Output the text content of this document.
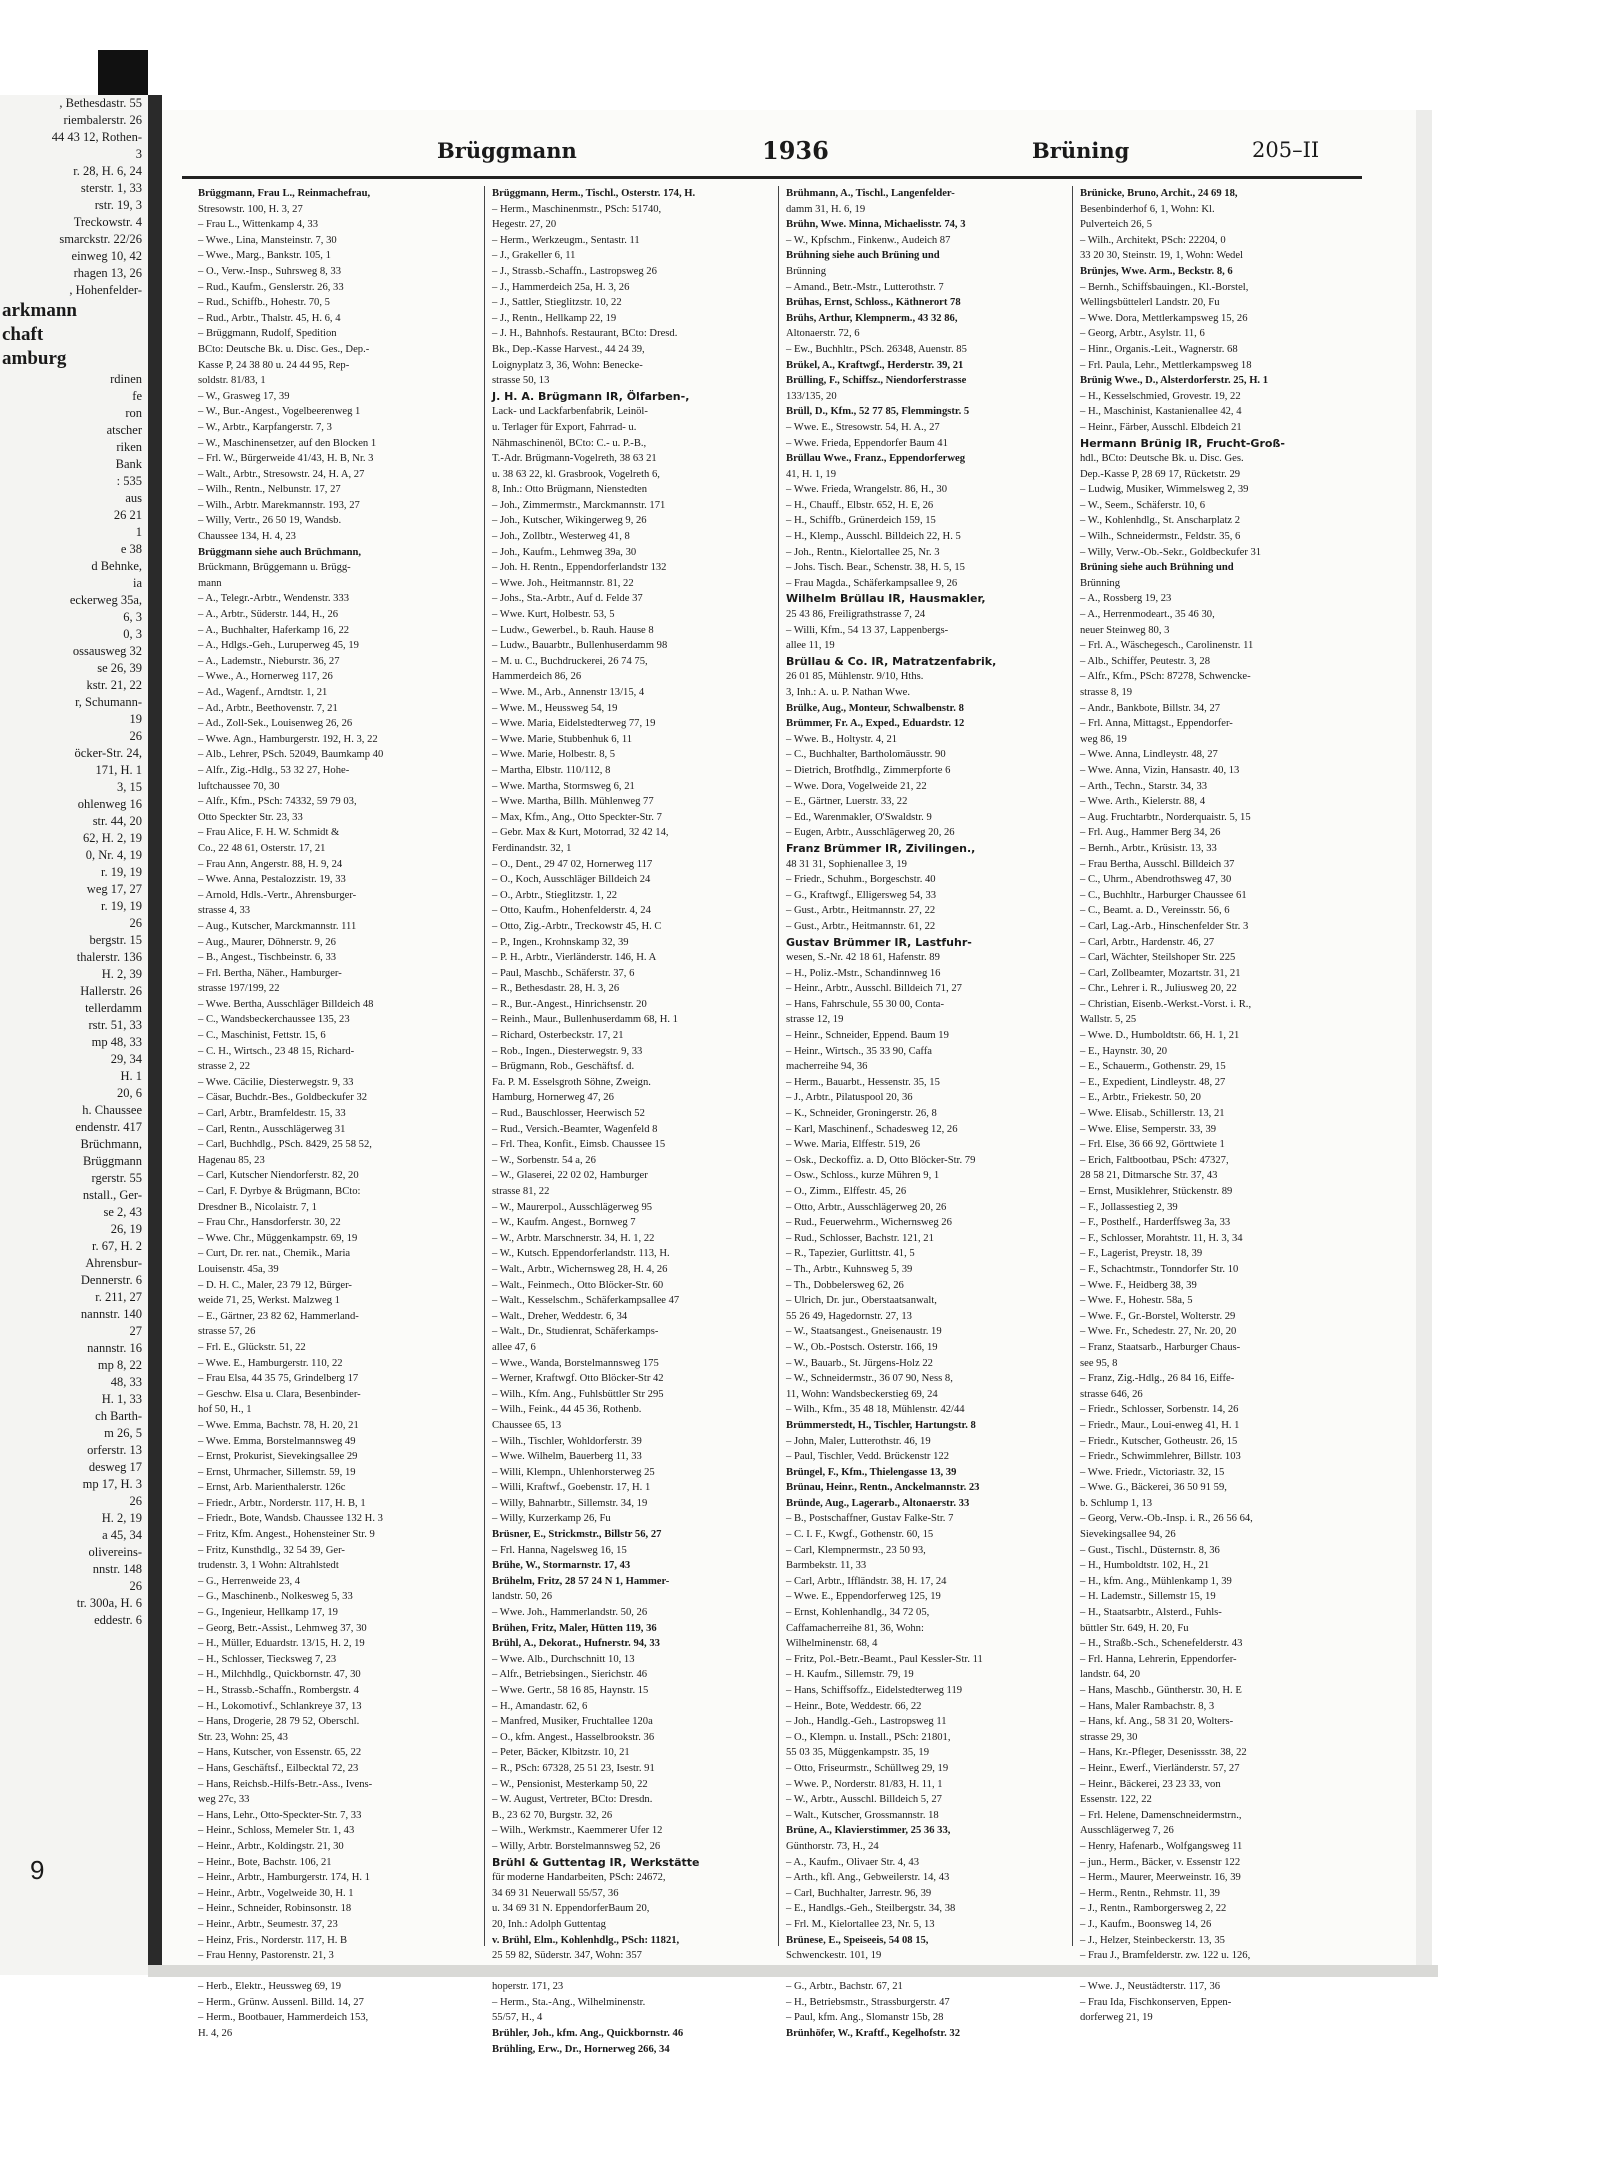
, Bethesdastr. 55
riembalerstr. 26
44 43 12, Rothen-
3
r. 28, H. 6, 24
sterstr. 1, 33
rstr. 19, 3
Treckowstr. 4
smarckstr. 22/26
einweg 10, 42
rhagen 13, 26
, Hohenfelder-
arkmann
chaft
amburg
rdinen
fe
ron
atscher
riken
Bank
: 535
aus
26 21
1
e 38
d Behnke,
ia
eckerweg 35a,
6, 3
0, 3
ossausweg 32
se 26, 39
kstr. 21, 22
r, Schumann-
19
26
öcker-Str. 24,
171, H. 1
3, 15
ohlenweg 16
str. 44, 20
62, H. 2, 19
0, Nr. 4, 19
r. 19, 19
weg 17, 27
r. 19, 19
26
bergstr. 15
thalerstr. 136
H. 2, 39
Hallerstr. 26
tellerdamm
rstr. 51, 33
mp 48, 33
29, 34
H. 1
20, 6
h. Chaussee
endenstr. 417
Brüchmann,
Brüggmann
rgerstr. 55
nstall., Ger-
se 2, 43
26, 19
r. 67, H. 2
Ahrensbur-
Dennerstr. 6
r. 211, 27
nannstr. 140
27
nannstr. 16
mp 8, 22
48, 33
H. 1, 33
ch Barth-
m 26, 5
orferstr. 13
desweg 17
mp 17, H. 3
26
H. 2, 19
a 45, 34
olivereins-
nnstr. 148
26
tr. 300a, H. 6
eddestr. 6
Brüggmann	1936	Brüning	205–II
Brüggmann, Frau L., Reinmachefrau,
Stresowstr. 100, H. 3, 27
– Frau L., Wittenkamp 4, 33
– Wwe., Lina, Mansteinstr. 7, 30
– Wwe., Marg., Bankstr. 105, 1
– O., Verw.-Insp., Suhrsweg 8, 33
– Rud., Kaufm., Genslerstr. 26, 33
– Rud., Schiffb., Hohestr. 70, 5
– Rud., Arbtr., Thalstr. 45, H. 6, 4
– Brüggmann, Rudolf, Spedition
BCto: Deutsche Bk. u. Disc. Ges., Dep.-
Kasse P, 24 38 80 u. 24 44 95, Rep-
soldstr. 81/83, 1
– W., Grasweg 17, 39
– W., Bur.-Angest., Vogelbeerenweg 1
– W., Arbtr., Karpfangerstr. 7, 3
– W., Maschinensetzer, auf den Blocken 1
– Frl. W., Bürgerweide 41/43, H. B, Nr. 3
– Walt., Arbtr., Stresowstr. 24, H. A, 27
– Wilh., Rentn., Nelbunstr. 17, 27
– Wilh., Arbtr. Marekmannstr. 193, 27
– Willy, Vertr., 26 50 19, Wandsb.
Chaussee 134, H. 4, 23
Brüggmann siehe auch Brüchmann,
Brückmann, Brüggemann u. Brügg-
mann
– A., Telegr.-Arbtr., Wendenstr. 333
– A., Arbtr., Süderstr. 144, H., 26
– A., Buchhalter, Haferkamp 16, 22
– A., Hdlgs.-Geh., Luruperweg 45, 19
– A., Lademstr., Nieburstr. 36, 27
– Wwe., A., Hornerweg 117, 26
– Ad., Wagenf., Arndtstr. 1, 21
– Ad., Arbtr., Beethovenstr. 7, 21
– Ad., Zoll-Sek., Louisenweg 26, 26
– Wwe. Agn., Hamburgerstr. 192, H. 3, 22
– Alb., Lehrer, PSch. 52049, Baumkamp 40
– Alfr., Zig.-Hdlg., 53 32 27, Hohe-
luftchaussee 70, 30
– Alfr., Kfm., PSch: 74332, 59 79 03,
Otto Speckter Str. 23, 33
– Frau Alice, F. H. W. Schmidt &
Co., 22 48 61, Osterstr. 17, 21
– Frau Ann, Angerstr. 88, H. 9, 24
– Wwe. Anna, Pestalozzistr. 19, 33
– Arnold, Hdls.-Vertr., Ahrensburger-
strasse 4, 33
– Aug., Kutscher, Marckmannstr. 111
– Aug., Maurer, Döhnerstr. 9, 26
– B., Angest., Tischbeinstr. 6, 33
– Frl. Bertha, Näher., Hamburger-
strasse 197/199, 22
– Wwe. Bertha, Ausschläger Billdeich 48
– C., Wandsbeckerchaussee 135, 23
– C., Maschinist, Fettstr. 15, 6
– C. H., Wirtsch., 23 48 15, Richard-
strasse 2, 22
– Wwe. Cäcilie, Diesterwegstr. 9, 33
– Cäsar, Buchdr.-Bes., Goldbeckufer 32
– Carl, Arbtr., Bramfeldestr. 15, 33
– Carl, Rentn., Ausschlägerweg 31
– Carl, Buchhdlg., PSch. 8429, 25 58 52,
Hagenau 85, 23
– Carl, Kutscher Niendorferstr. 82, 20
– Carl, F. Dyrbye & Brügmann, BCto:
Dresdner B., Nicolaistr. 7, 1
– Frau Chr., Hansdorferstr. 30, 22
– Wwe. Chr., Müggenkampstr. 69, 19
– Curt, Dr. rer. nat., Chemik., Maria
Louisenstr. 45a, 39
– D. H. C., Maler, 23 79 12, Bürger-
weide 71, 25, Werkst. Malzweg 1
– E., Gärtner, 23 82 62, Hammerland-
strasse 57, 26
– Frl. E., Glückstr. 51, 22
– Wwe. E., Hamburgerstr. 110, 22
– Frau Elsa, 44 35 75, Grindelberg 17
– Geschw. Elsa u. Clara, Besenbinder-
hof 50, H., 1
– Wwe. Emma, Bachstr. 78, H. 20, 21
– Wwe. Emma, Borstelmannsweg 49
– Ernst, Prokurist, Sievekingsallee 29
– Ernst, Uhrmacher, Sillemstr. 59, 19
– Ernst, Arb. Marienthalerstr. 126c
– Friedr., Arbtr., Norderstr. 117, H. B, 1
– Friedr., Bote, Wandsb. Chaussee 132 H. 3
– Fritz, Kfm. Angest., Hohensteiner Str. 9
– Fritz, Kunsthdlg., 32 54 39, Ger-
trudenstr. 3, 1 Wohn: Altrahlstedt
– G., Herrenweide 23, 4
– G., Maschinenb., Nolkesweg 5, 33
– G., Ingenieur, Hellkamp 17, 19
– Georg, Betr.-Assist., Lehmweg 37, 30
– H., Müller, Eduardstr. 13/15, H. 2, 19
– H., Schlosser, Tiecksweg 7, 23
– H., Milchhdlg., Quickbornstr. 47, 30
– H., Strassb.-Schaffn., Rombergstr. 4
– H., Lokomotivf., Schlankreye 37, 13
– Hans, Drogerie, 28 79 52, Oberschl.
Str. 23, Wohn: 25, 43
– Hans, Kutscher, von Essenstr. 65, 22
– Hans, Geschäftsf., Eilbecktal 72, 23
– Hans, Reichsb.-Hilfs-Betr.-Ass., Ivens-
weg 27c, 33
– Hans, Lehr., Otto-Speckter-Str. 7, 33
– Heinr., Schloss, Memeler Str. 1, 43
– Heinr., Arbtr., Koldingstr. 21, 30
– Heinr., Bote, Bachstr. 106, 21
– Heinr., Arbtr., Hamburgerstr. 174, H. 1
– Heinr., Arbtr., Vogelweide 30, H. 1
– Heinr., Schneider, Robinsonstr. 18
– Heinr., Arbtr., Seumestr. 37, 23
– Heinz, Fris., Norderstr. 117, H. B
– Frau Henny, Pastorenstr. 21, 3
– Herb., Elektr., Heussweg 69, 19
– Herm., Grünw. Aussenl. Billd. 14, 27
– Herm., Bootbauer, Hammerdeich 153,
H. 4, 26
Brüggmann, Herm., Tischl., Osterstr. 174, H.
– Herm., Maschinenmstr., PSch: 51740,
Hegestr. 27, 20
– Herm., Werkzeugm., Sentastr. 11
– J., Grakeller 6, 11
– J., Strassb.-Schaffn., Lastropsweg 26
– J., Hammerdeich 25a, H. 3, 26
– J., Sattler, Stieglitzstr. 10, 22
– J., Rentn., Hellkamp 22, 19
– J. H., Bahnhofs. Restaurant, BCto: Dresd.
Bk., Dep.-Kasse Harvest., 44 24 39,
Loignyplatz 3, 36, Wohn: Benecke-
strasse 50, 13
J. H. A. Brügmann IR, Ölfarben-,
Lack- und Lackfarbenfabrik, Leinöl-
u. Terlager für Export, Fahrrad- u.
Nähmaschinenöl, BCto: C.- u. P.-B.,
T.-Adr. Brügmann-Vogelreth, 38 63 21
u. 38 63 22, kl. Grasbrook, Vogelreth 6,
8, Inh.: Otto Brügmann, Nienstedten
– Joh., Zimmermstr., Marckmannstr. 171
– Joh., Kutscher, Wikingerweg 9, 26
– Joh., Zollbtr., Westerweg 41, 8
– Joh., Kaufm., Lehmweg 39a, 30
– Joh. H. Rentn., Eppendorferlandstr 132
– Wwe. Joh., Heitmannstr. 81, 22
– Johs., Sta.-Arbtr., Auf d. Felde 37
– Wwe. Kurt, Holbestr. 53, 5
– Ludw., Gewerbel., b. Rauh. Hause 8
– Ludw., Bauarbtr., Bullenhuserdamm 98
– M. u. C., Buchdruckerei, 26 74 75,
Hammerdeich 86, 26
– Wwe. M., Arb., Annenstr 13/15, 4
– Wwe. M., Heussweg 54, 19
– Wwe. Maria, Eidelstedterweg 77, 19
– Wwe. Marie, Stubbenhuk 6, 11
– Wwe. Marie, Holbestr. 8, 5
– Martha, Elbstr. 110/112, 8
– Wwe. Martha, Stormsweg 6, 21
– Wwe. Martha, Billh. Mühlenweg 77
– Max, Kfm., Ang., Otto Speckter-Str. 7
– Gebr. Max & Kurt, Motorrad, 32 42 14,
Ferdinandstr. 32, 1
– O., Dent., 29 47 02, Hornerweg 117
– O., Koch, Ausschläger Billdeich 24
– O., Arbtr., Stieglitzstr. 1, 22
– Otto, Kaufm., Hohenfelderstr. 4, 24
– Otto, Zig.-Arbtr., Treckowstr 45, H. C
– P., Ingen., Krohnskamp 32, 39
– P. H., Arbtr., Vierländerstr. 146, H. A
– Paul, Maschb., Schäferstr. 37, 6
– R., Bethesdastr. 28, H. 3, 26
– R., Bur.-Angest., Hinrichsenstr. 20
– Reinh., Maur., Bullenhuserdamm 68, H. 1
– Richard, Osterbeckstr. 17, 21
– Rob., Ingen., Diesterwegstr. 9, 33
– Brügmann, Rob., Geschäftsf. d.
Fa. P. M. Esselsgroth Söhne, Zweign.
Hamburg, Hornerweg 47, 26
– Rud., Bauschlosser, Heerwisch 52
– Rud., Versich.-Beamter, Wagenfeld 8
– Frl. Thea, Konfit., Eimsb. Chaussee 15
– W., Sorbenstr. 54 a, 26
– W., Glaserei, 22 02 02, Hamburger
strasse 81, 22
– W., Maurerpol., Ausschlägerweg 95
– W., Kaufm. Angest., Bornweg 7
– W., Arbtr. Marschnerstr. 34, H. 1, 22
– W., Kutsch. Eppendorferlandstr. 113, H.
– Walt., Arbtr., Wichernsweg 28, H. 4, 26
– Walt., Feinmech., Otto Blöcker-Str. 60
– Walt., Kesselschm., Schäferkampsallee 47
– Walt., Dreher, Weddestr. 6, 34
– Walt., Dr., Studienrat, Schäferkamps-
allee 47, 6
– Wwe., Wanda, Borstelmannsweg 175
– Werner, Kraftwgf. Otto Blöcker-Str 42
– Wilh., Kfm. Ang., Fuhlsbüttler Str 295
– Wilh., Feink., 44 45 36, Rothenb.
Chaussee 65, 13
– Wilh., Tischler, Wohldorferstr. 39
– Wwe. Wilhelm, Bauerberg 11, 33
– Willi, Klempn., Uhlenhorsterweg 25
– Willi, Kraftwf., Goebenstr. 17, H. 1
– Willy, Bahnarbtr., Sillemstr. 34, 19
– Willy, Kurzerkamp 26, Fu
Brüsner, E., Strickmstr., Billstr 56, 27
– Frl. Hanna, Nagelsweg 16, 15
Brühe, W., Stormarnstr. 17, 43
Brühelm, Fritz, 28 57 24 N 1, Hammer-
landstr. 50, 26
– Wwe. Joh., Hammerlandstr. 50, 26
Brühen, Fritz, Maler, Hütten 119, 36
Brühl, A., Dekorat., Hufnerstr. 94, 33
– Wwe. Alb., Durchschnitt 10, 13
– Alfr., Betriebsingen., Sierichstr. 46
– Wwe. Gertr., 58 16 85, Haynstr. 15
– H., Amandastr. 62, 6
– Manfred, Musiker, Fruchtallee 120a
– O., kfm. Angest., Hasselbrookstr. 36
– Peter, Bäcker, Klbitzstr. 10, 21
– R., PSch: 67328, 25 51 23, Isestr. 91
– W., Pensionist, Mesterkamp 50, 22
– W. August, Vertreter, BCto: Dresdn.
B., 23 62 70, Burgstr. 32, 26
– Wilh., Werkmstr., Kaemmerer Ufer 12
– Willy, Arbtr. Borstelmannsweg 52, 26
Brühl & Guttentag IR, Werkstätte
für moderne Handarbeiten, PSch: 24672,
34 69 31 Neuerwall 55/57, 36
u. 34 69 31 N. EppendorferBaum 20,
20, Inh.: Adolph Guttentag
v. Brühl, Elm., Kohlenhdlg., PSch: 11821,
25 59 82, Süderstr. 347, Wohn: 357
hoperstr. 171, 23
– Herm., Sta.-Ang., Wilhelminenstr.
55/57, H., 4
Brühler, Joh., kfm. Ang., Quickbornstr. 46
Brühling, Erw., Dr., Hornerweg 266, 34
Brühmann, A., Tischl., Langenfelder-
damm 31, H. 6, 19
Brühn, Wwe. Minna, Michaelisstr. 74, 3
– W., Kpfschm., Finkenw., Audeich 87
Brühning siehe auch Brüning und
Brünning
– Amand., Betr.-Mstr., Lutterothstr. 7
Brühas, Ernst, Schloss., Käthnerort 78
Brühs, Arthur, Klempnerm., 43 32 86,
Altonaerstr. 72, 6
– Ew., Buchhltr., PSch. 26348, Auenstr. 85
Brükel, A., Kraftwgf., Herderstr. 39, 21
Brülling, F., Schiffsz., Niendorferstrasse
133/135, 20
Brüll, D., Kfm., 52 77 85, Flemmingstr. 5
– Wwe. E., Stresowstr. 54, H. A., 27
– Wwe. Frieda, Eppendorfer Baum 41
Brüllau Wwe., Franz., Eppendorferweg
41, H. 1, 19
– Wwe. Frieda, Wrangelstr. 86, H., 30
– H., Chauff., Elbstr. 652, H. E, 26
– H., Schiffb., Grünerdeich 159, 15
– H., Klemp., Ausschl. Billdeich 22, H. 5
– Joh., Rentn., Kielortallee 25, Nr. 3
– Johs. Tisch. Bear., Schenstr. 38, H. 5, 15
– Frau Magda., Schäferkampsallee 9, 26
Wilhelm Brüllau IR, Hausmakler,
25 43 86, Freiligrathstrasse 7, 24
– Willi, Kfm., 54 13 37, Lappenbergs-
allee 11, 19
Brüllau & Co. IR, Matratzenfabrik,
26 01 85, Mühlenstr. 9/10, Hths.
3, Inh.: A. u. P. Nathan Wwe.
Brülke, Aug., Monteur, Schwalbenstr. 8
Brümmer, Fr. A., Exped., Eduardstr. 12
– Wwe. B., Holtystr. 4, 21
– C., Buchhalter, Bartholomäusstr. 90
– Dietrich, Brotfhdlg., Zimmerpforte 6
– Wwe. Dora, Vogelweide 21, 22
– E., Gärtner, Luerstr. 33, 22
– Ed., Warenmakler, O'Swaldstr. 9
– Eugen, Arbtr., Ausschlägerweg 20, 26
Franz Brümmer IR, Zivilingen.,
48 31 31, Sophienallee 3, 19
– Friedr., Schuhm., Borgeschstr. 40
– G., Kraftwgf., Elligersweg 54, 33
– Gust., Arbtr., Heitmannstr. 27, 22
– Gust., Arbtr., Heitmannstr. 61, 22
Gustav Brümmer IR, Lastfuhr-
wesen, S.-Nr. 42 18 61, Hafenstr. 89
– H., Poliz.-Mstr., Schandinnweg 16
– Heinr., Arbtr., Ausschl. Billdeich 71, 27
– Hans, Fahrschule, 55 30 00, Conta-
strasse 12, 19
– Heinr., Schneider, Eppend. Baum 19
– Heinr., Wirtsch., 35 33 90, Caffa
macherreihe 94, 36
– Herm., Bauarbt., Hessenstr. 35, 15
– J., Arbtr., Pilatuspool 20, 36
– K., Schneider, Groningerstr. 26, 8
– Karl, Maschinenf., Schadesweg 12, 26
– Wwe. Maria, Elffestr. 519, 26
– Osk., Deckoffiz. a. D, Otto Blöcker-Str. 79
– Osw., Schloss., kurze Mühren 9, 1
– O., Zimm., Elffestr. 45, 26
– Otto, Arbtr., Ausschlägerweg 20, 26
– Rud., Feuerwehrm., Wichernsweg 26
– Rud., Schlosser, Bachstr. 121, 21
– R., Tapezier, Gurlittstr. 41, 5
– Th., Arbtr., Kuhnsweg 5, 39
– Th., Dobbelersweg 62, 26
– Ulrich, Dr. jur., Oberstaatsanwalt,
55 26 49, Hagedornstr. 27, 13
– W., Staatsangest., Gneisenaustr. 19
– W., Ob.-Postsch. Osterstr. 166, 19
– W., Bauarb., St. Jürgens-Holz 22
– W., Schneidermstr., 36 07 90, Ness 8,
11, Wohn: Wandsbeckerstieg 69, 24
– Wilh., Kfm., 35 48 18, Mühlenstr. 42/44
Brümmerstedt, H., Tischler, Hartungstr. 8
– John, Maler, Lutterothstr. 46, 19
– Paul, Tischler, Vedd. Brückenstr 122
Brüngel, F., Kfm., Thielengasse 13, 39
Brünau, Heinr., Rentn., Anckelmannstr. 23
Bründe, Aug., Lagerarb., Altonaerstr. 33
– B., Postschaffner, Gustav Falke-Str. 7
– C. I. F., Kwgf., Gothenstr. 60, 15
– Carl, Klempnermstr., 23 50 93,
Barmbekstr. 11, 33
– Carl, Arbtr., Iffländstr. 38, H. 17, 24
– Wwe. E., Eppendorferweg 125, 19
– Ernst, Kohlenhandlg., 34 72 05,
Caffamacherreihe 81, 36, Wohn:
Wilhelminenstr. 68, 4
– Fritz, Pol.-Betr.-Beamt., Paul Kessler-Str. 11
– H. Kaufm., Sillemstr. 79, 19
– Hans, Schiffsoffz., Eidelstedterweg 119
– Heinr., Bote, Weddestr. 66, 22
– Joh., Handlg.-Geh., Lastropsweg 11
– O., Klempn. u. Install., PSch: 21801,
55 03 35, Müggenkampstr. 35, 19
– Otto, Friseurmstr., Schüllweg 29, 19
– Wwe. P., Norderstr. 81/83, H. 11, 1
– W., Arbtr., Ausschl. Billdeich 5, 27
– Walt., Kutscher, Grossmannstr. 18
Brüne, A., Klavierstimmer, 25 36 33,
Günthorstr. 73, H., 24
– A., Kaufm., Olivaer Str. 4, 43
– Arth., kfl. Ang., Gebweilerstr. 14, 43
– Carl, Buchhalter, Jarrestr. 96, 39
– E., Handlgs.-Geh., Steilbergstr. 34, 38
– Frl. M., Kielortallee 23, Nr. 5, 13
Brünese, E., Speiseeis, 54 08 15,
Schwenckestr. 101, 19
– G., Arbtr., Bachstr. 67, 21
– H., Betriebsmstr., Strassburgerstr. 47
– Paul, kfm. Ang., Slomanstr 15b, 28
Brünhöfer, W., Kraftf., Kegelhofstr. 32
Brünicke, Bruno, Archit., 24 69 18,
Besenbinderhof 6, 1, Wohn: Kl.
Pulverteich 26, 5
– Wilh., Architekt, PSch: 22204, 0
33 20 30, Steinstr. 19, 1, Wohn: Wedel
Brünjes, Wwe. Arm., Beckstr. 8, 6
– Bernh., Schiffsbauingen., Kl.-Borstel,
Wellingsbüttelerl Landstr. 20, Fu
– Wwe. Dora, Mettlerkampsweg 15, 26
– Georg, Arbtr., Asylstr. 11, 6
– Hinr., Organis.-Leit., Wagnerstr. 68
– Frl. Paula, Lehr., Mettlerkampsweg 18
Brünig Wwe., D., Alsterdorferstr. 25, H. 1
– H., Kesselschmied, Grovestr. 19, 22
– H., Maschinist, Kastanienallee 42, 4
– Heinr., Färber, Ausschl. Elbdeich 21
Hermann Brünig IR, Frucht-Groß-
hdl., BCto: Deutsche Bk. u. Disc. Ges.
Dep.-Kasse P, 28 69 17, Rücketstr. 29
– Ludwig, Musiker, Wimmelsweg 2, 39
– W., Seem., Schäferstr. 10, 6
– W., Kohlenhdlg., St. Anscharplatz 2
– Wilh., Schneidermstr., Feldstr. 35, 6
– Willy, Verw.-Ob.-Sekr., Goldbeckufer 31
Brüning siehe auch Brühning und
Brünning
– A., Rossberg 19, 23
– A., Herrenmodeart., 35 46 30,
neuer Steinweg 80, 3
– Frl. A., Wäschegesch., Carolinenstr. 11
– Alb., Schiffer, Peutestr. 3, 28
– Alfr., Kfm., PSch: 87278, Schwencke-
strasse 8, 19
– Andr., Bankbote, Billstr. 34, 27
– Frl. Anna, Mittagst., Eppendorfer-
weg 86, 19
– Wwe. Anna, Lindleystr. 48, 27
– Wwe. Anna, Vizin, Hansastr. 40, 13
– Arth., Techn., Starstr. 34, 33
– Wwe. Arth., Kielerstr. 88, 4
– Aug. Fruchtarbtr., Norderquaistr. 5, 15
– Frl. Aug., Hammer Berg 34, 26
– Bernh., Arbtr., Krüsistr. 13, 33
– Frau Bertha, Ausschl. Billdeich 37
– C., Uhrm., Abendrothsweg 47, 30
– C., Buchhltr., Harburger Chaussee 61
– C., Beamt. a. D., Vereinsstr. 56, 6
– Carl, Lag.-Arb., Hinschenfelder Str. 3
– Carl, Arbtr., Hardenstr. 46, 27
– Carl, Wächter, Steilshoper Str. 225
– Carl, Zollbeamter, Mozartstr. 31, 21
– Chr., Lehrer i. R., Juliusweg 20, 22
– Christian, Eisenb.-Werkst.-Vorst. i. R.,
Wallstr. 5, 25
– Wwe. D., Humboldtstr. 66, H. 1, 21
– E., Haynstr. 30, 20
– E., Schauerm., Gothenstr. 29, 15
– E., Expedient, Lindleystr. 48, 27
– E., Arbtr., Friekestr. 50, 20
– Wwe. Elisab., Schillerstr. 13, 21
– Wwe. Elise, Semperstr. 33, 39
– Frl. Else, 36 66 92, Görttwiete 1
– Erich, Faltbootbau, PSch: 47327,
28 58 21, Ditmarsche Str. 37, 43
– Ernst, Musiklehrer, Stückenstr. 89
– F., Jollassestieg 2, 39
– F., Posthelf., Harderffsweg 3a, 33
– F., Schlosser, Morahtstr. 11, H. 3, 34
– F., Lagerist, Preystr. 18, 39
– F., Schachtmstr., Tonndorfer Str. 10
– Wwe. F., Heidberg 38, 39
– Wwe. F., Hohestr. 58a, 5
– Wwe. F., Gr.-Borstel, Wolterstr. 29
– Wwe. Fr., Schedestr. 27, Nr. 20, 20
– Franz, Staatsarb., Harburger Chaus-
see 95, 8
– Franz, Zig.-Hdlg., 26 84 16, Eiffe-
strasse 646, 26
– Friedr., Schlosser, Sorbenstr. 14, 26
– Friedr., Maur., Loui-enweg 41, H. 1
– Friedr., Kutscher, Gotheustr. 26, 15
– Friedr., Schwimmlehrer, Billstr. 103
– Wwe. Friedr., Victoriastr. 32, 15
– Wwe. G., Bäckerei, 36 50 91 59,
b. Schlump 1, 13
– Georg, Verw.-Ob.-Insp. i. R., 26 56 64,
Sievekingsallee 94, 26
– Gust., Tischl., Düsternstr. 8, 36
– H., Humboldtstr. 102, H., 21
– H., kfm. Ang., Mühlenkamp 1, 39
– H. Lademstr., Sillemstr 15, 19
– H., Staatsarbtr., Alsterd., Fuhls-
büttler Str. 649, H. 20, Fu
– H., Straßb.-Sch., Schenefelderstr. 43
– Frl. Hanna, Lehrerin, Eppendorfer-
landstr. 64, 20
– Hans, Maschb., Güntherstr. 30, H. E
– Hans, Maler Rambachstr. 8, 3
– Hans, kf. Ang., 58 31 20, Wolters-
strasse 29, 30
– Hans, Kr.-Pfleger, Desenissstr. 38, 22
– Heinr., Ewerf., Vierländerstr. 57, 27
– Heinr., Bäckerei, 23 23 33, von
Essenstr. 122, 22
– Frl. Helene, Damenschneidermstrn.,
Ausschlägerweg 7, 26
– Henry, Hafenarb., Wolfgangsweg 11
– jun., Herm., Bäcker, v. Essenstr 122
– Herm., Maurer, Meerweinstr. 16, 39
– Herm., Rentn., Rehmstr. 11, 39
– J., Rentn., Ramborgersweg 2, 22
– J., Kaufm., Boonsweg 14, 26
– J., Helzer, Steinbeckerstr. 13, 35
– Frau J., Bramfelderstr. zw. 122 u. 126,
– Wwe. J., Neustädterstr. 117, 36
– Frau Ida, Fischkonserven, Eppen-
dorferweg 21, 19
9
